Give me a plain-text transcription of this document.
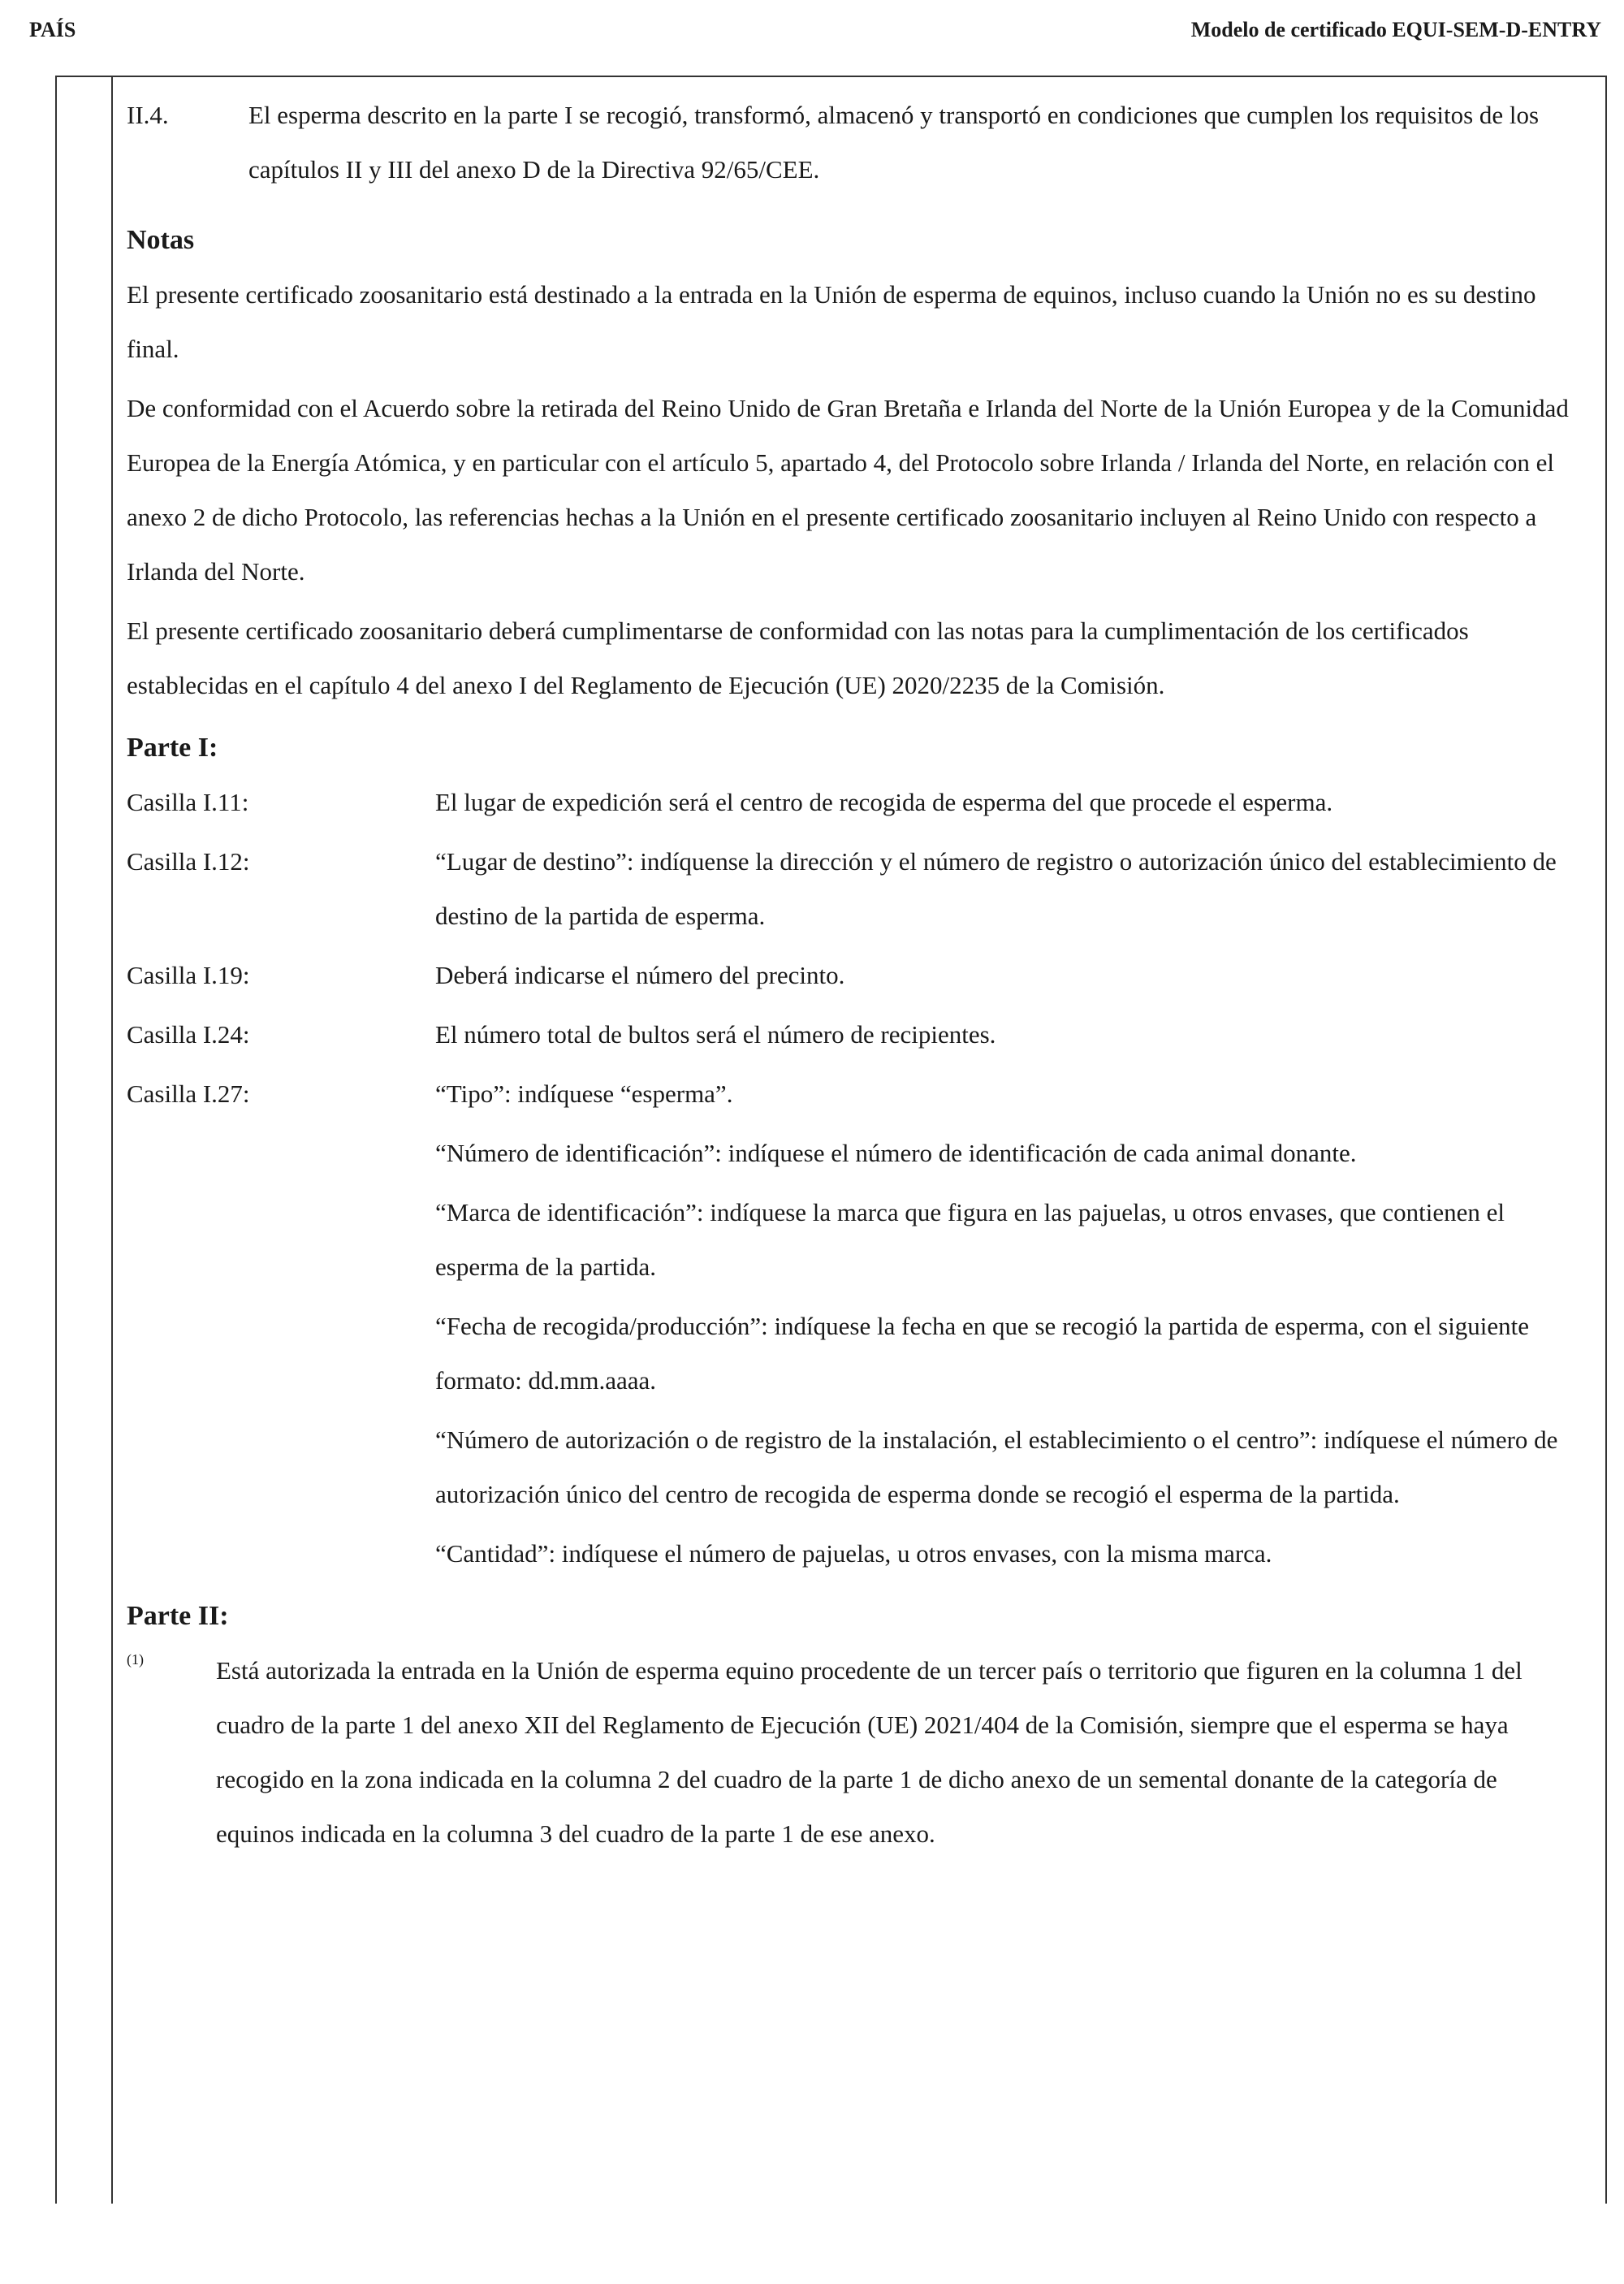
PAÍS	Modelo de certificado EQUI-SEM-D-ENTRY
II.4.	El esperma descrito en la parte I se recogió, transformó, almacenó y transportó en condiciones que cumplen los requisitos de los capítulos II y III del anexo D de la Directiva 92/65/CEE.

Notas

El presente certificado zoosanitario está destinado a la entrada en la Unión de esperma de equinos, incluso cuando la Unión no es su destino final.

De conformidad con el Acuerdo sobre la retirada del Reino Unido de Gran Bretaña e Irlanda del Norte de la Unión Europea y de la Comunidad Europea de la Energía Atómica, y en particular con el artículo 5, apartado 4, del Protocolo sobre Irlanda / Irlanda del Norte, en relación con el anexo 2 de dicho Protocolo, las referencias hechas a la Unión en el presente certificado zoosanitario incluyen al Reino Unido con respecto a Irlanda del Norte.

El presente certificado zoosanitario deberá cumplimentarse de conformidad con las notas para la cumplimentación de los certificados establecidas en el capítulo 4 del anexo I del Reglamento de Ejecución (UE) 2020/2235 de la Comisión.

Parte I:

Casilla I.11:	El lugar de expedición será el centro de recogida de esperma del que procede el esperma.

Casilla I.12:	“Lugar de destino”: indíquense la dirección y el número de registro o autorización único del establecimiento de destino de la partida de esperma.

Casilla I.19:	Deberá indicarse el número del precinto.

Casilla I.24:	El número total de bultos será el número de recipientes.

Casilla I.27:	“Tipo”: indíquese “esperma”.

“Número de identificación”: indíquese el número de identificación de cada animal donante.

“Marca de identificación”: indíquese la marca que figura en las pajuelas, u otros envases, que contienen el esperma de la partida.

“Fecha de recogida/producción”: indíquese la fecha en que se recogió la partida de esperma, con el siguiente formato: dd.mm.aaaa.

“Número de autorización o de registro de la instalación, el establecimiento o el centro”: indíquese el número de autorización único del centro de recogida de esperma donde se recogió el esperma de la partida.

“Cantidad”: indíquese el número de pajuelas, u otros envases, con la misma marca.

Parte II:

(1)	Está autorizada la entrada en la Unión de esperma equino procedente de un tercer país o territorio que figuren en la columna 1 del cuadro de la parte 1 del anexo XII del Reglamento de Ejecución (UE) 2021/404 de la Comisión, siempre que el esperma se haya recogido en la zona indicada en la columna 2 del cuadro de la parte 1 de dicho anexo de un semental donante de la categoría de equinos indicada en la columna 3 del cuadro de la parte 1 de ese anexo.
